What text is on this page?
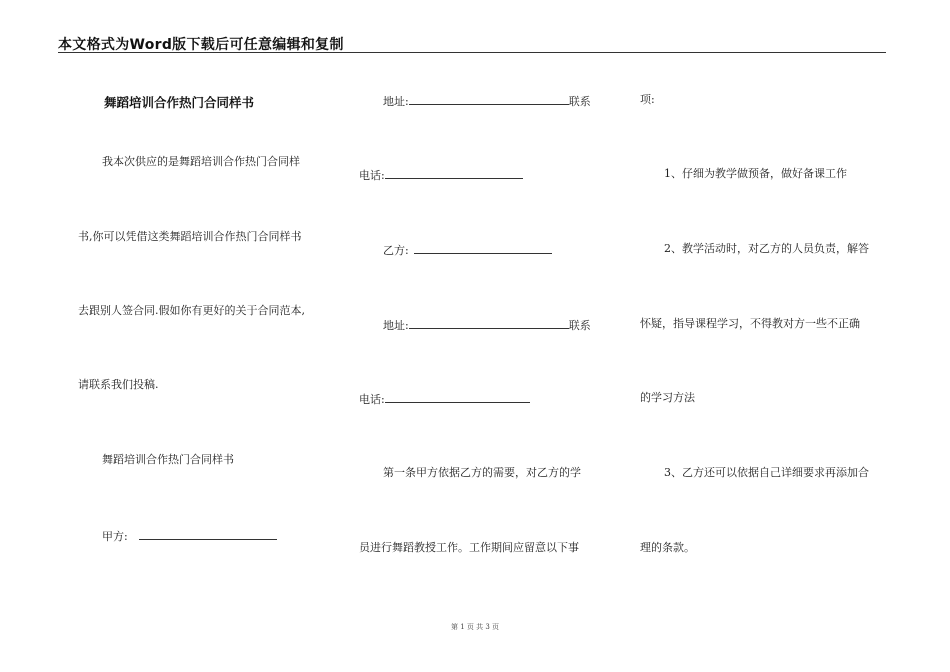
本文格式为Word版下载后可任意编辑和复制
舞蹈培训合作热门合同样书
我本次供应的是舞蹈培训合作热门合同样
书,你可以凭借这类舞蹈培训合作热门合同样书
去跟别人签合同.假如你有更好的关于合同范本,
请联系我们投稿.
舞蹈培训合作热门合同样书
甲方:
地址:	联系
电话:
乙方:
地址:	联系
电话:
第一条甲方依据乙方的需要，对乙方的学
员进行舞蹈教授工作。工作期间应留意以下事
项:
1、仔细为教学做预备，做好备课工作
2、教学活动时，对乙方的人员负责，解答
怀疑，指导课程学习，不得教对方一些不正确
的学习方法
3、乙方还可以依据自己详细要求再添加合
理的条款。
第 1 页 共 3 页
